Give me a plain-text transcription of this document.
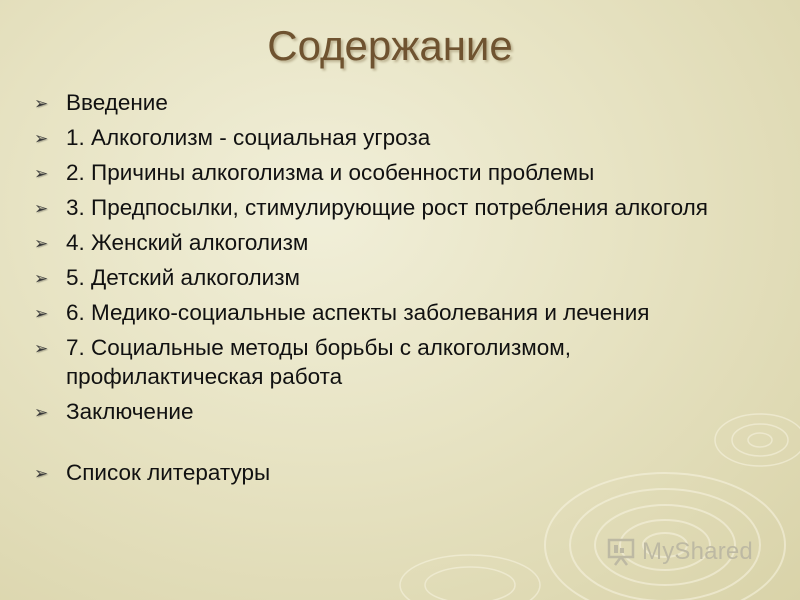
Содержание
➢ Введение
➢ 1. Алкоголизм - социальная угроза
➢ 2. Причины алкоголизма и особенности проблемы
➢ 3. Предпосылки, стимулирующие рост потребления алкоголя
➢ 4. Женский алкоголизм
➢ 5. Детский алкоголизм
➢ 6. Медико-социальные аспекты заболевания и лечения
➢ 7. Социальные методы борьбы с алкоголизмом, профилактическая работа
➢ Заключение
➢ Список литературы
MyShared
